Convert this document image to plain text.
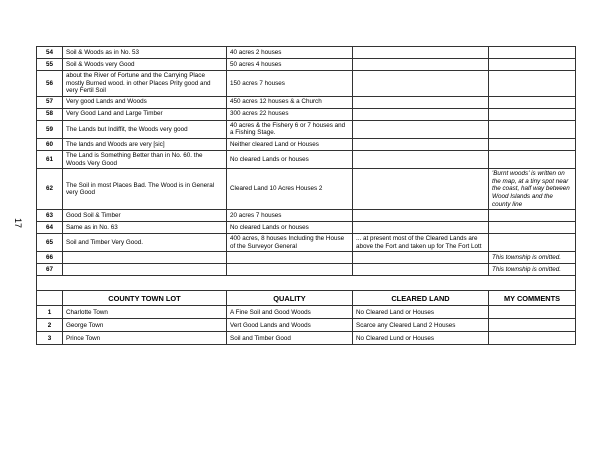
17
54	Soil & Woods as in No. 53	40 acres 2 houses		
55	Soil & Woods very Good	50 acres 4 houses		
56	about the River of Fortune and the Carrying Place mostly Burned wood. in other Places Prity good and very Fertil Soil	150 acres 7 houses		
57	Very good Lands and Woods	450 acres 12 houses & a Church		
58	Very Good Land and Large Timber	300 acres 22 houses		
59	The Lands but Indiffit, the Woods very good	40 acres & the Fishery 6 or 7 houses and a Fishing Stage.		
60	The lands and Woods are very [sic]	Neither cleared Land or Houses		
61	The Land is Something Better than in No. 60. the Woods Very Good	No cleared Lands or houses		
62	The Soil in most Places Bad. The Wood is in General very Good	Cleared Land 10 Acres Houses 2		'Burnt woods' is written on the map, at a tiny spot near the coast, half way between Wood Islands and the county line
63	Good Soil & Timber	20 acres 7 houses		
64	Same as in No. 63	No cleared Lands or houses		
65	Soil and Timber Very Good.	400 acres, 8 houses Including the House of the Surveyor General	... at present most of the Cleared Lands are above the Fort and taken up for The Fort Lott	
66				This township is omitted.
67				This township is omitted.

	COUNTY TOWN LOT	QUALITY	CLEARED LAND	MY COMMENTS
1	Charlotte Town	A Fine Soil and Good Woods	No Cleared Land or Houses	
2	George Town	Vert Good Lands and Woods	Scarce any Cleared Land 2 Houses	
3	Prince Town	Soil and Timber Good	No Cleared Lund or Houses	
